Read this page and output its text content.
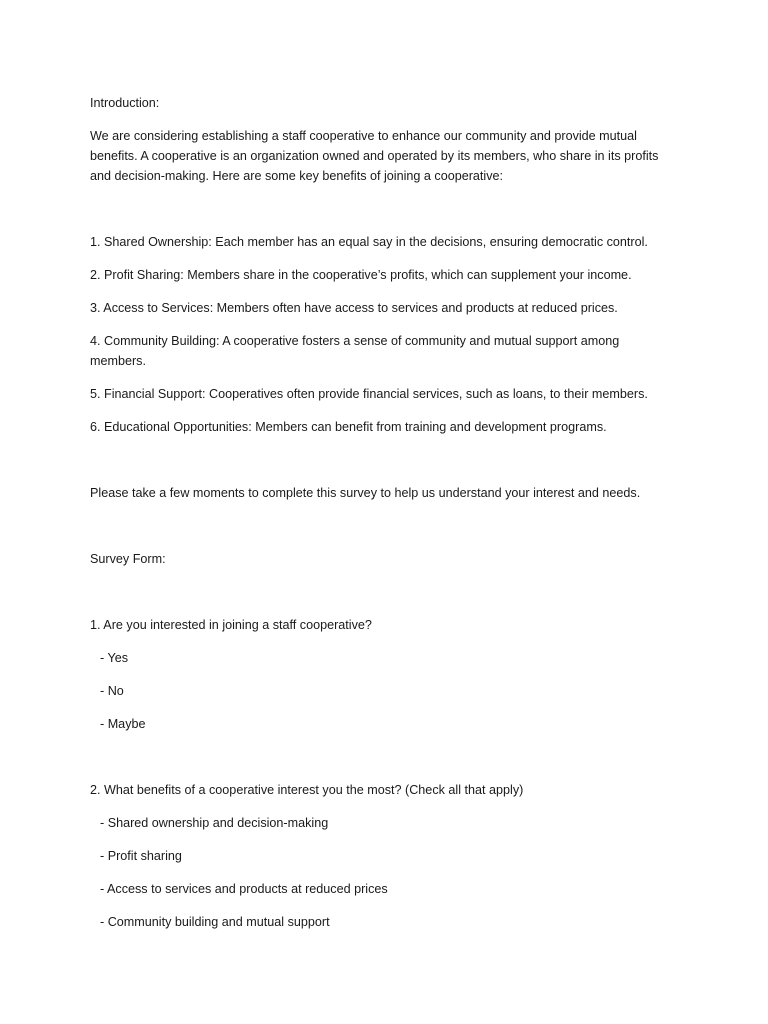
Introduction:

We are considering establishing a staff cooperative to enhance our community and provide mutual benefits. A cooperative is an organization owned and operated by its members, who share in its profits and decision-making. Here are some key benefits of joining a cooperative:

1. Shared Ownership: Each member has an equal say in the decisions, ensuring democratic control.

2. Profit Sharing: Members share in the cooperative’s profits, which can supplement your income.

3. Access to Services: Members often have access to services and products at reduced prices.

4. Community Building: A cooperative fosters a sense of community and mutual support among members.

5. Financial Support: Cooperatives often provide financial services, such as loans, to their members.

6. Educational Opportunities: Members can benefit from training and development programs.

Please take a few moments to complete this survey to help us understand your interest and needs.

Survey Form:

1. Are you interested in joining a staff cooperative?

- Yes

- No

- Maybe

2. What benefits of a cooperative interest you the most? (Check all that apply)

- Shared ownership and decision-making

- Profit sharing

- Access to services and products at reduced prices

- Community building and mutual support
